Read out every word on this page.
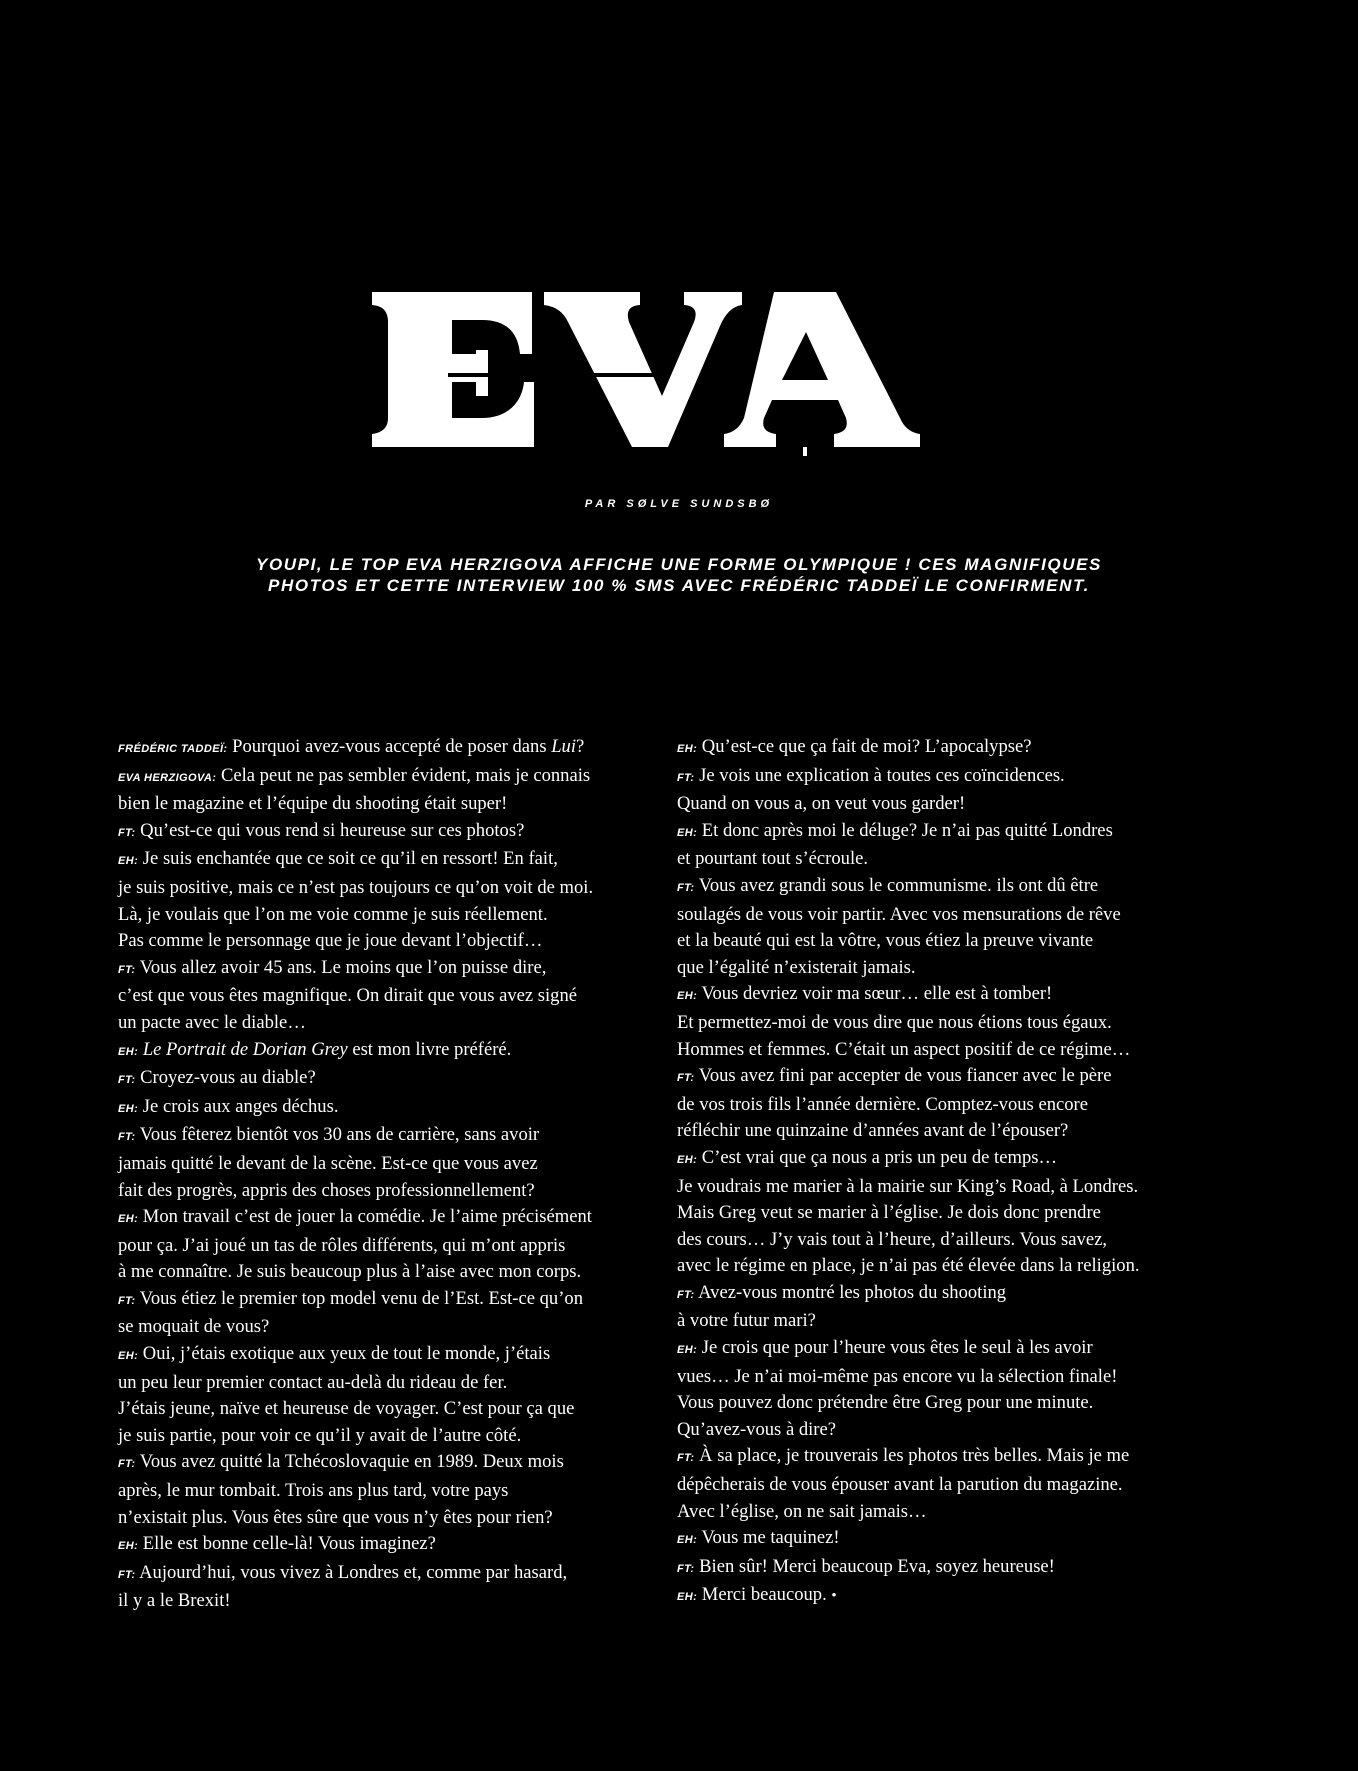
PAR SØLVE SUNDSBØ
YOUPI, LE TOP EVA HERZIGOVA AFFICHE UNE FORME OLYMPIQUE ! CES MAGNIFIQUES
PHOTOS ET CETTE INTERVIEW 100 % SMS AVEC FRÉDÉRIC TADDEÏ LE CONFIRMENT.
FRÉDÉRIC TADDEÏ: Pourquoi avez-vous accepté de poser dans Lui?
EVA HERZIGOVA: Cela peut ne pas sembler évident, mais je connais
bien le magazine et l’équipe du shooting était super!
FT: Qu’est-ce qui vous rend si heureuse sur ces photos?
EH: Je suis enchantée que ce soit ce qu’il en ressort! En fait,
je suis positive, mais ce n’est pas toujours ce qu’on voit de moi.
Là, je voulais que l’on me voie comme je suis réellement.
Pas comme le personnage que je joue devant l’objectif…
FT: Vous allez avoir 45 ans. Le moins que l’on puisse dire,
c’est que vous êtes magnifique. On dirait que vous avez signé
un pacte avec le diable…
EH: Le Portrait de Dorian Grey est mon livre préféré.
FT: Croyez-vous au diable?
EH: Je crois aux anges déchus.
FT: Vous fêterez bientôt vos 30 ans de carrière, sans avoir
jamais quitté le devant de la scène. Est-ce que vous avez
fait des progrès, appris des choses professionnellement?
EH: Mon travail c’est de jouer la comédie. Je l’aime précisément
pour ça. J’ai joué un tas de rôles différents, qui m’ont appris
à me connaître. Je suis beaucoup plus à l’aise avec mon corps.
FT: Vous étiez le premier top model venu de l’Est. Est-ce qu’on
se moquait de vous?
EH: Oui, j’étais exotique aux yeux de tout le monde, j’étais
un peu leur premier contact au-delà du rideau de fer.
J’étais jeune, naïve et heureuse de voyager. C’est pour ça que
je suis partie, pour voir ce qu’il y avait de l’autre côté.
FT: Vous avez quitté la Tchécoslovaquie en 1989. Deux mois
après, le mur tombait. Trois ans plus tard, votre pays
n’existait plus. Vous êtes sûre que vous n’y êtes pour rien?
EH: Elle est bonne celle-là! Vous imaginez?
FT: Aujourd’hui, vous vivez à Londres et, comme par hasard,
il y a le Brexit!
EH: Qu’est-ce que ça fait de moi? L’apocalypse?
FT: Je vois une explication à toutes ces coïncidences.
Quand on vous a, on veut vous garder!
EH: Et donc après moi le déluge? Je n’ai pas quitté Londres
et pourtant tout s’écroule.
FT: Vous avez grandi sous le communisme. ils ont dû être
soulagés de vous voir partir. Avec vos mensurations de rêve
et la beauté qui est la vôtre, vous étiez la preuve vivante
que l’égalité n’existerait jamais.
EH: Vous devriez voir ma sœur… elle est à tomber!
Et permettez-moi de vous dire que nous étions tous égaux.
Hommes et femmes. C’était un aspect positif de ce régime…
FT: Vous avez fini par accepter de vous fiancer avec le père
de vos trois fils l’année dernière. Comptez-vous encore
réfléchir une quinzaine d’années avant de l’épouser?
EH: C’est vrai que ça nous a pris un peu de temps…
Je voudrais me marier à la mairie sur King’s Road, à Londres.
Mais Greg veut se marier à l’église. Je dois donc prendre
des cours… J’y vais tout à l’heure, d’ailleurs. Vous savez,
avec le régime en place, je n’ai pas été élevée dans la religion.
FT: Avez-vous montré les photos du shooting
à votre futur mari?
EH: Je crois que pour l’heure vous êtes le seul à les avoir
vues… Je n’ai moi-même pas encore vu la sélection finale!
Vous pouvez donc prétendre être Greg pour une minute.
Qu’avez-vous à dire?
FT: À sa place, je trouverais les photos très belles. Mais je me
dépêcherais de vous épouser avant la parution du magazine.
Avec l’église, on ne sait jamais…
EH: Vous me taquinez!
FT: Bien sûr! Merci beaucoup Eva, soyez heureuse!
EH: Merci beaucoup. •
